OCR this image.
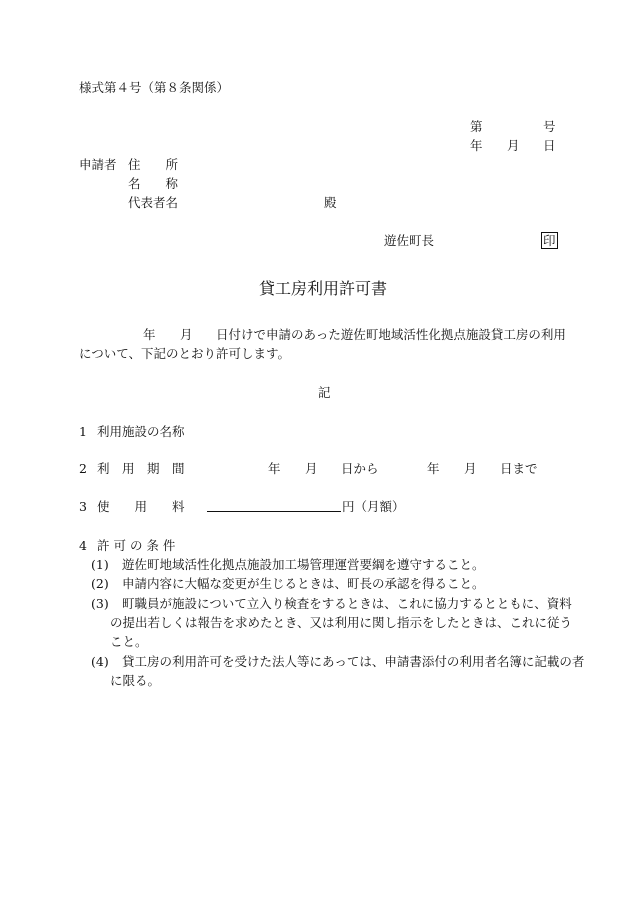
様式第４号（第８条関係）
第	号
年 月 日
申請者 住　　所
名　　称
代表者名	殿
遊佐町長	印
貸工房利用許可書
年 月 日付けで申請のあった遊佐町地域活性化拠点施設貸工房の利用
について、下記のとおり許可します。
記
1 利用施設の名称
2 利　用　期　間	年 月 日から	年 月 日まで
3 使　　用　　料	円（月額）
4 許 可 の 条 件
(1) 遊佐町地域活性化拠点施設加工場管理運営要綱を遵守すること。
(2) 申請内容に大幅な変更が生じるときは、町長の承認を得ること。
(3) 町職員が施設について立入り検査をするときは、これに協力するとともに、資料
の提出若しくは報告を求めたとき、又は利用に関し指示をしたときは、これに従う
こと。
(4) 貸工房の利用許可を受けた法人等にあっては、申請書添付の利用者名簿に記載の者
に限る。
